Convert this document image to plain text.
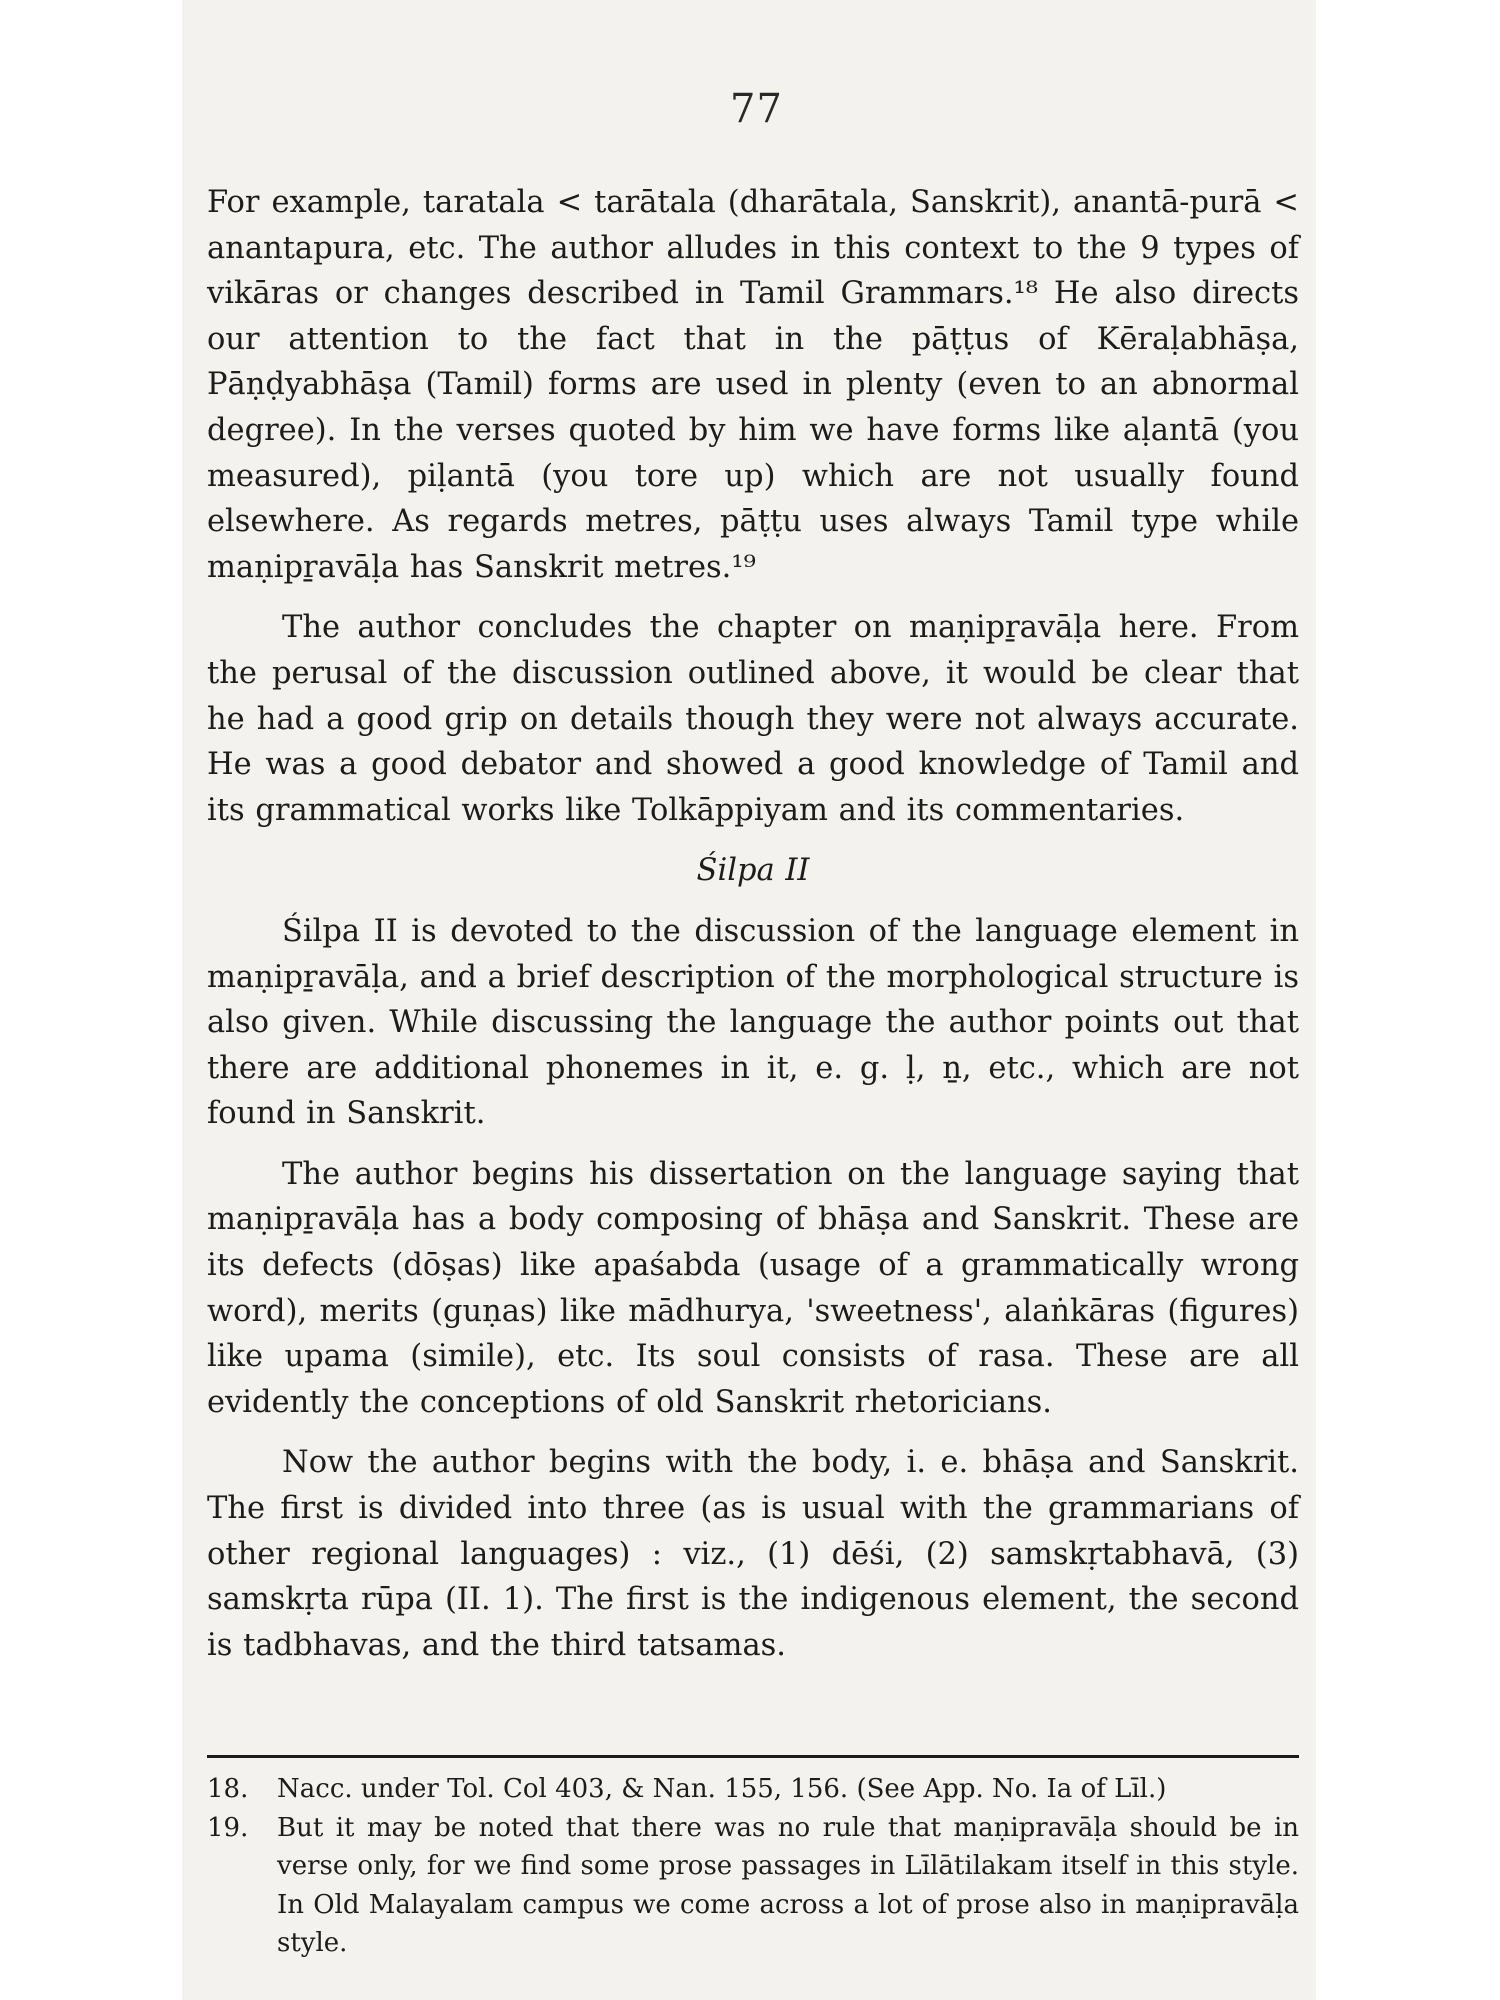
77

For example, taratala < tarātala (dharātala, Sanskrit), anantā-purā < anantapura, etc. The author alludes in this context to the 9 types of vikāras or changes described in Tamil Grammars.¹⁸ He also directs our attention to the fact that in the pāṭṭus of Kēraḷabhāṣa, Pāṇḍyabhāṣa (Tamil) forms are used in plenty (even to an abnormal degree). In the verses quoted by him we have forms like aḷantā (you measured), piḷantā (you tore up) which are not usually found elsewhere. As regards metres, pāṭṭu uses always Tamil type while maṇipṟavāḷa has Sanskrit metres.¹⁹

The author concludes the chapter on maṇipṟavāḷa here. From the perusal of the discussion outlined above, it would be clear that he had a good grip on details though they were not always accurate. He was a good debator and showed a good knowledge of Tamil and its grammatical works like Tolkāppiyam and its commentaries.

Śilpa II

Śilpa II is devoted to the discussion of the language element in maṇipṟavāḷa, and a brief description of the morphological structure is also given. While discussing the language the author points out that there are additional phonemes in it, e. g. ḷ, ṉ, etc., which are not found in Sanskrit.

The author begins his dissertation on the language saying that maṇipṟavāḷa has a body composing of bhāṣa and Sanskrit. These are its defects (dōṣas) like apaśabda (usage of a grammatically wrong word), merits (guṇas) like mādhurya, 'sweetness', alaṅkāras (figures) like upama (simile), etc. Its soul consists of rasa. These are all evidently the conceptions of old Sanskrit rhetoricians.

Now the author begins with the body, i. e. bhāṣa and Sanskrit. The first is divided into three (as is usual with the grammarians of other regional languages) : viz., (1) dēśi, (2) samskṛtabhavā, (3) samskṛta rūpa (II. 1). The first is the indigenous element, the second is tadbhavas, and the third tatsamas.

18.	Nacc. under Tol. Col 403, & Nan. 155, 156. (See App. No. Ia of Līl.)
19.	But it may be noted that there was no rule that maṇipravāḷa should be in verse only, for we find some prose passages in Līlātilakam itself in this style. In Old Malayalam campus we come across a lot of prose also in maṇipravāḷa style.
